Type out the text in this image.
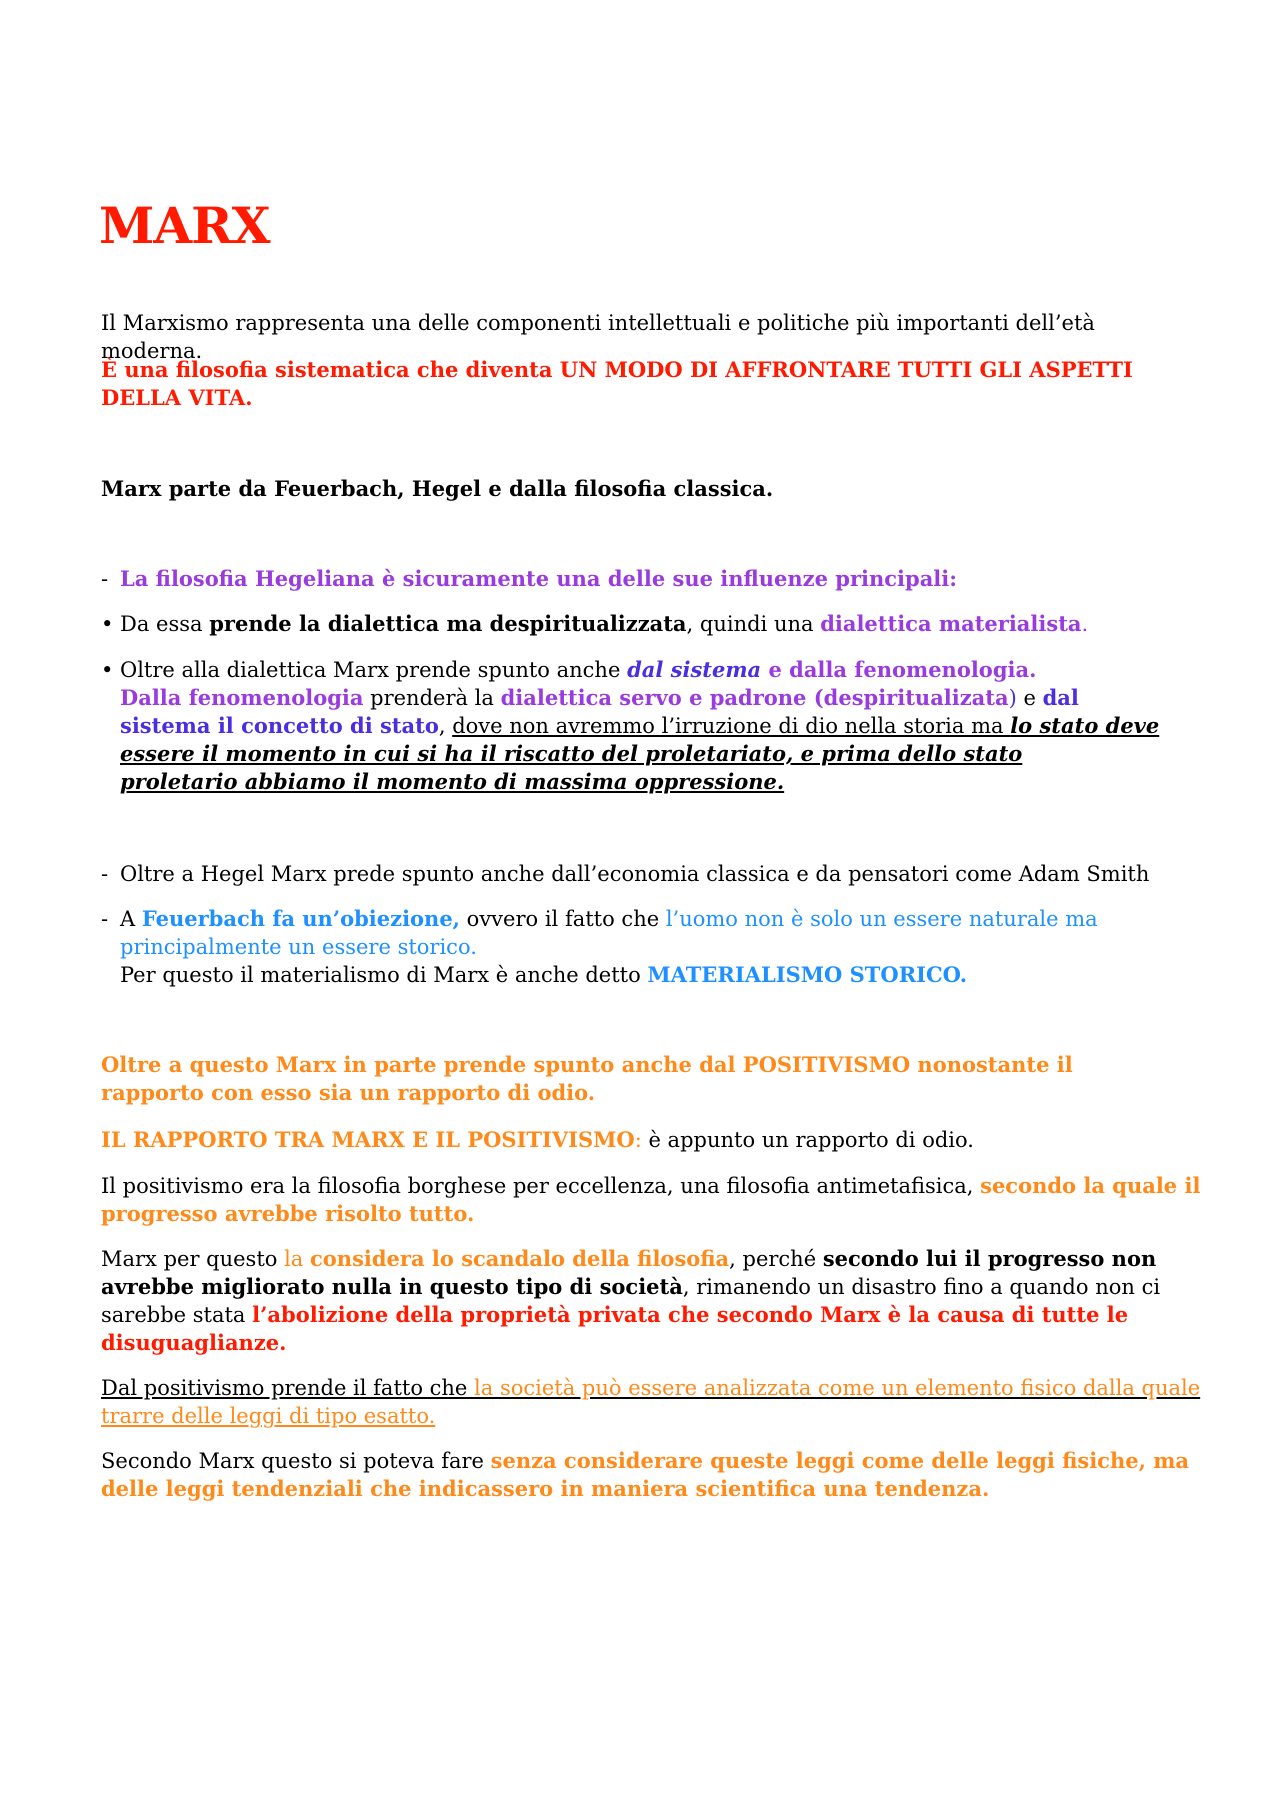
MARX
Il Marxismo rappresenta una delle componenti intellettuali e politiche più importanti dell’età moderna.
È una filosofia sistematica che diventa UN MODO DI AFFRONTARE TUTTI GLI ASPETTI
DELLA VITA.
Marx parte da Feuerbach, Hegel e dalla filosofia classica.
- La filosofia Hegeliana è sicuramente una delle sue influenze principali:
• Da essa prende la dialettica ma despiritualizzata, quindi una dialettica materialista.
• Oltre alla dialettica Marx prende spunto anche dal sistema e dalla fenomenologia.
Dalla fenomenologia prenderà la dialettica servo e padrone (despiritualizata) e dal
sistema il concetto di stato, dove non avremmo l’irruzione di dio nella storia ma lo stato deve
essere il momento in cui si ha il riscatto del proletariato, e prima dello stato
proletario abbiamo il momento di massima oppressione.
- Oltre a Hegel Marx prede spunto anche dall’economia classica e da pensatori come Adam Smith
- A Feuerbach fa un’obiezione, ovvero il fatto che l’uomo non è solo un essere naturale ma
principalmente un essere storico.
Per questo il materialismo di Marx è anche detto MATERIALISMO STORICO.
Oltre a questo Marx in parte prende spunto anche dal POSITIVISMO nonostante il
rapporto con esso sia un rapporto di odio.
IL RAPPORTO TRA MARX E IL POSITIVISMO: è appunto un rapporto di odio.
Il positivismo era la filosofia borghese per eccellenza, una filosofia antimetafisica, secondo la quale il
progresso avrebbe risolto tutto.
Marx per questo la considera lo scandalo della filosofia, perché secondo lui il progresso non
avrebbe migliorato nulla in questo tipo di società, rimanendo un disastro fino a quando non ci
sarebbe stata l’abolizione della proprietà privata che secondo Marx è la causa di tutte le
disuguaglianze.
Dal positivismo prende il fatto che la società può essere analizzata come un elemento fisico dalla quale
trarre delle leggi di tipo esatto.
Secondo Marx questo si poteva fare senza considerare queste leggi come delle leggi fisiche, ma
delle leggi tendenziali che indicassero in maniera scientifica una tendenza.
